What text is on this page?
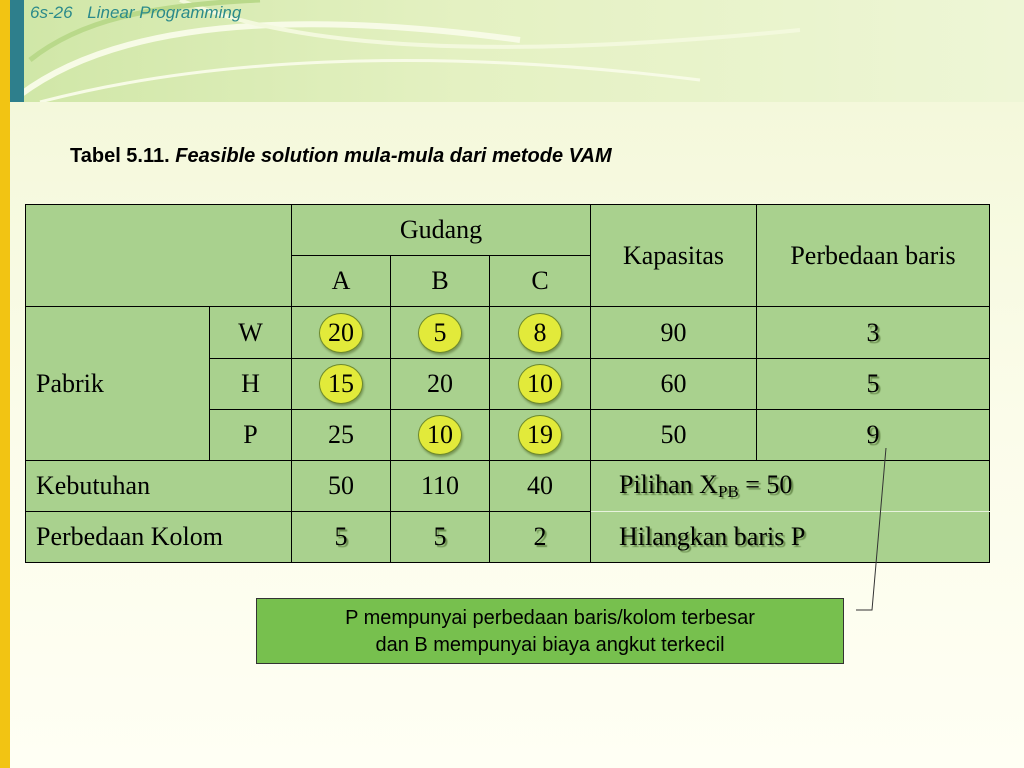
6s-26 Linear Programming
Tabel 5.11. Feasible solution mula-mula dari metode VAM
		Gudang			Kapasitas	Perbedaan baris
		A	B	C		
Pabrik	W	20	5	8	90	3
	H	15	20	10	60	5
	P	25	10	19	50	9
Kebutuhan		50	110	40	Pilihan $X_{PB} = 50$	
Perbedaan Kolom		5	5	2	Hilangkan baris P	
P mempunyai perbedaan baris/kolom terbesar
dan B mempunyai biaya angkut terkecil
